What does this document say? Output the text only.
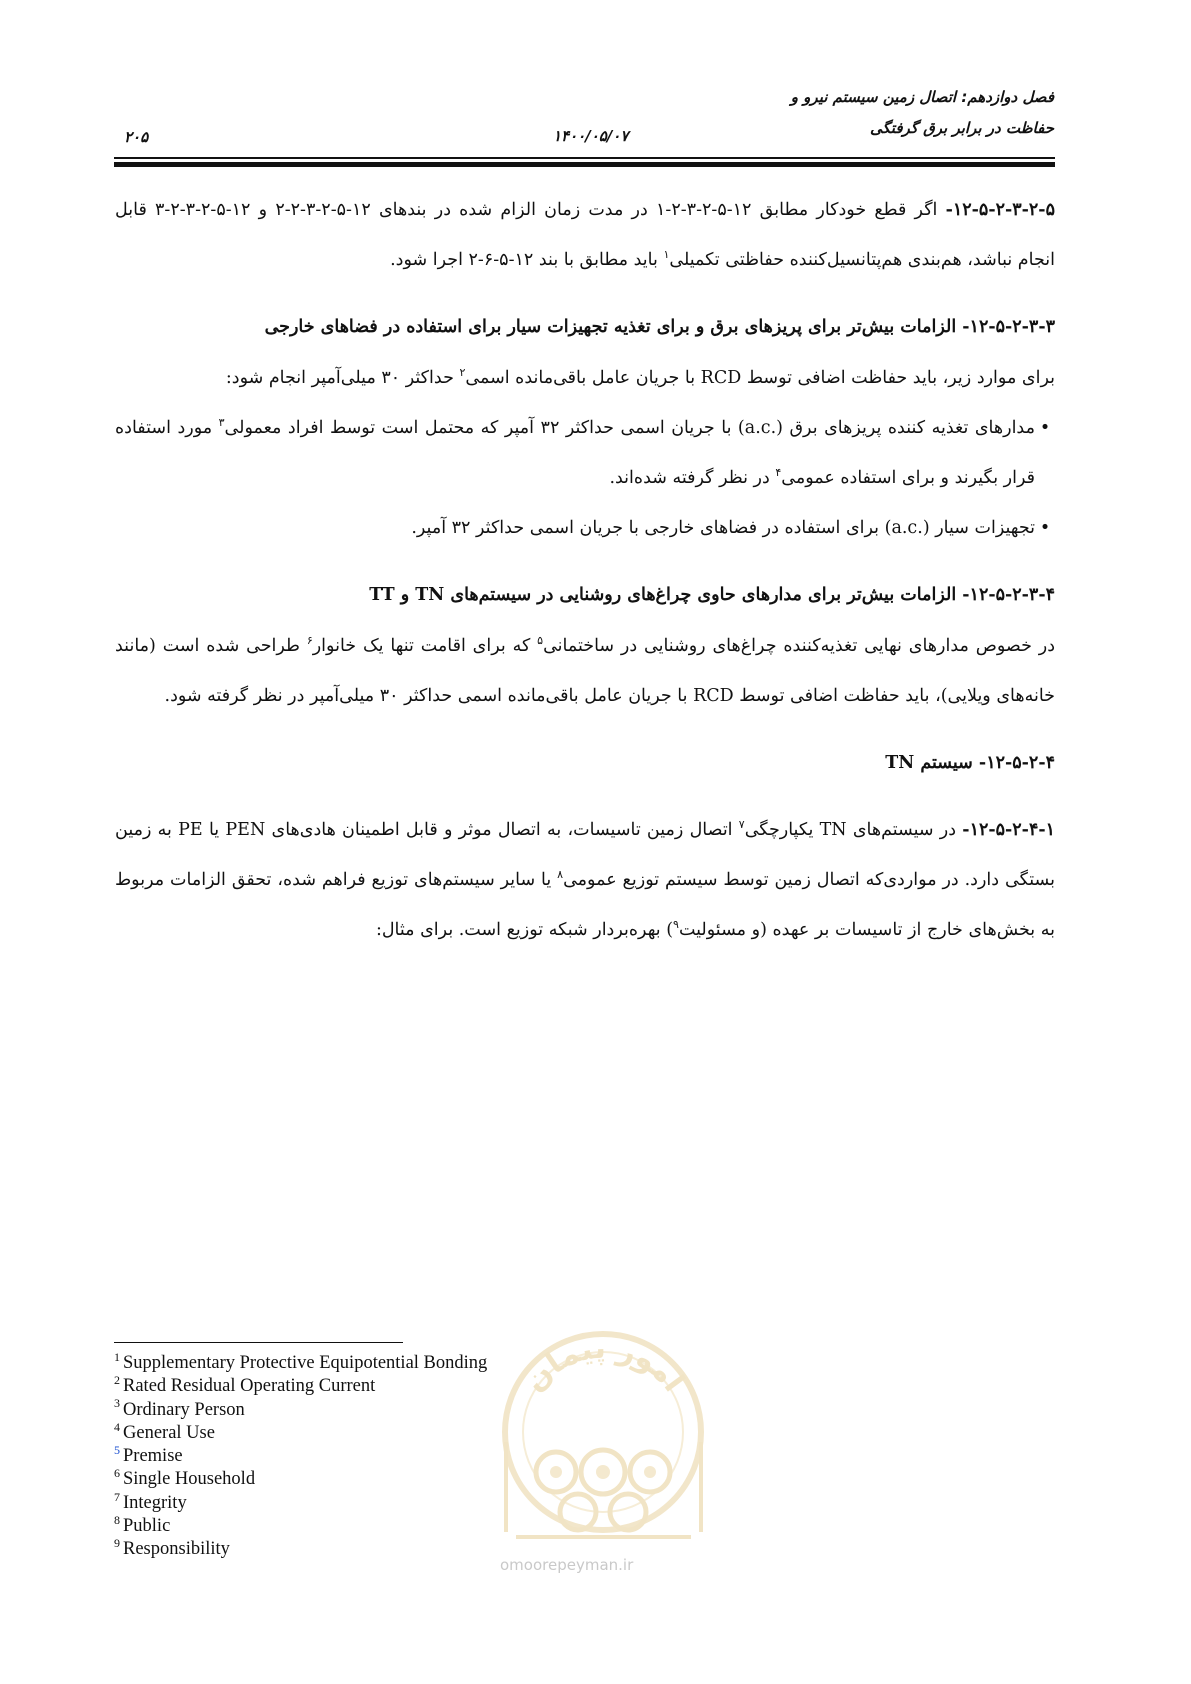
فصل دوازدهم: اتصال زمین سیستم نیرو و
حفاظت در برابر برق گرفتگی
۱۴۰۰/۰۵/۰۷
۲۰۵

۱۲-۵-۲-۳-۲-۵- اگر قطع خودکار مطابق ۱۲-۵-۲-۳-۲-۱ در مدت زمان الزام شده در بندهای ۱۲-۵-۲-۳-۲-۲ و ۱۲-۵-۲-۳-۲-۳ قابل انجام نباشد، هم‌بندی هم‌پتانسیل‌کننده حفاظتی تکمیلی$^۱$ باید مطابق با بند ۱۲-۵-۶-۲ اجرا شود.

۱۲-۵-۲-۳-۳- الزامات بیش‌تر برای پریزهای برق و برای تغذیه تجهیزات سیار برای استفاده در فضاهای خارجی

برای موارد زیر، باید حفاظت اضافی توسط RCD با جریان عامل باقی‌مانده اسمی$^۲$ حداکثر ۳۰ میلی‌آمپر انجام شود:

•مدارهای تغذیه کننده پریزهای برق (.a.c) با جریان اسمی حداکثر ۳۲ آمپر که محتمل است توسط افراد معمولی$^۳$ مورد استفاده قرار بگیرند و برای استفاده عمومی$^۴$ در نظر گرفته شده‌اند.
•تجهیزات سیار (.a.c) برای استفاده در فضاهای خارجی با جریان اسمی حداکثر ۳۲ آمپر.

۱۲-۵-۲-۳-۴- الزامات بیش‌تر برای مدارهای حاوی چراغ‌های روشنایی در سیستم‌های TN و TT

در خصوص مدارهای نهایی تغذیه‌کننده چراغ‌های روشنایی در ساختمانی$^۵$ که برای اقامت تنها یک خانوار$^۶$ طراحی شده است (مانند خانه‌های ویلایی)، باید حفاظت اضافی توسط RCD با جریان عامل باقی‌مانده اسمی حداکثر ۳۰ میلی‌آمپر در نظر گرفته شود.

۱۲-۵-۲-۴- سیستم TN

۱۲-۵-۲-۴-۱- در سیستم‌های TN یکپارچگی$^۷$ اتصال زمین تاسیسات، به اتصال موثر و قابل اطمینان هادی‌های PEN یا PE به زمین بستگی دارد. در مواردی‌که اتصال زمین توسط سیستم توزیع عمومی$^۸$ یا سایر سیستم‌های توزیع فراهم شده، تحقق الزامات مربوط به بخش‌های خارج از تاسیسات بر عهده (و مسئولیت$^۹$) بهره‌بردار شبکه توزیع است. برای مثال:

امور پیمان
omoorepeyman.ir
$^1$ Supplementary Protective Equipotential Bonding
$^2$ Rated Residual Operating Current
$^3$ Ordinary Person
$^4$ General Use
$^5$ Premise
$^6$ Single Household
$^7$ Integrity
$^8$ Public
$^9$ Responsibility
